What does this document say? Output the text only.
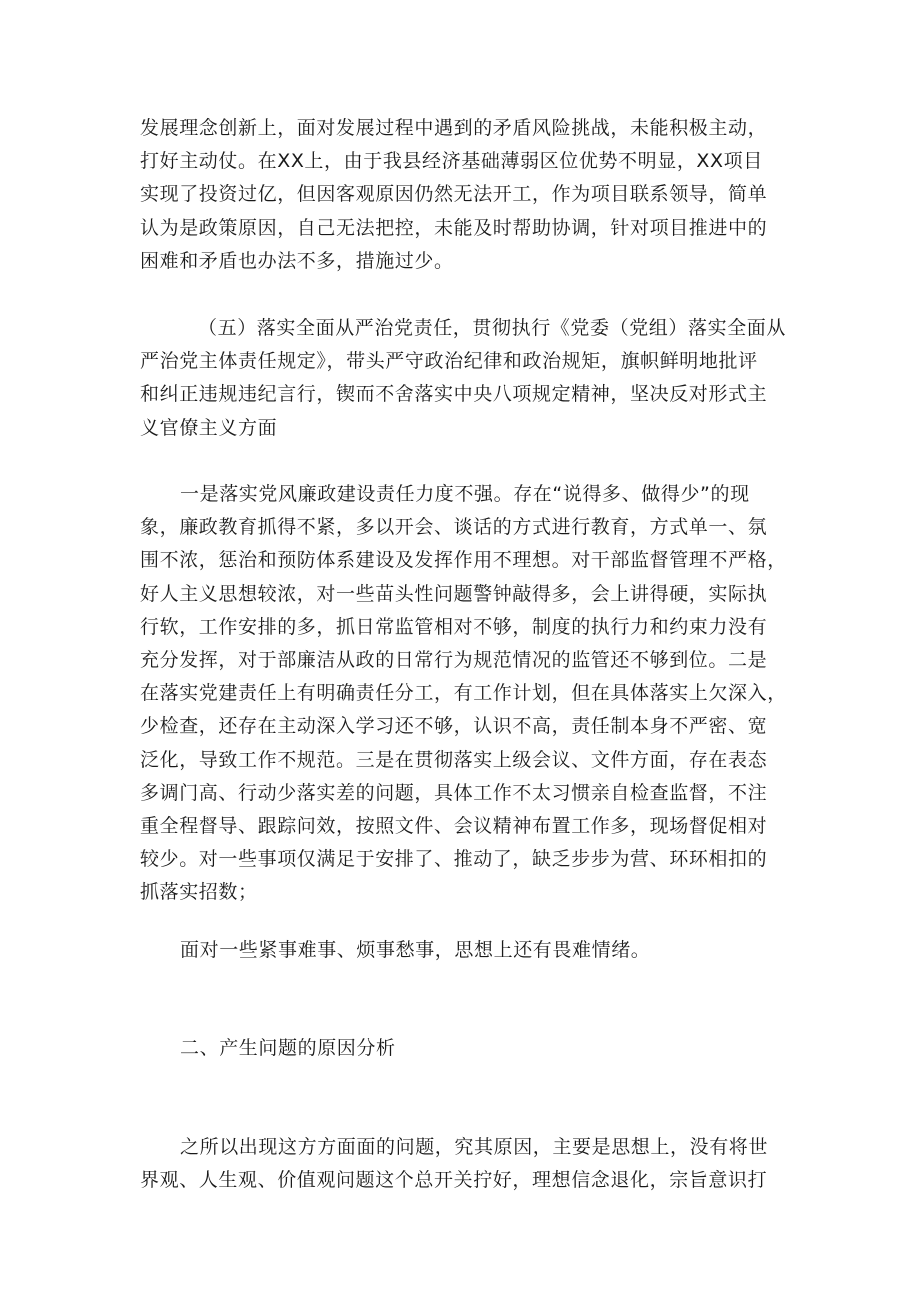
发展理念创新上，面对发展过程中遇到的矛盾风险挑战，未能积极主动，
打好主动仗。在XX上，由于我县经济基础薄弱区位优势不明显，XX项目
实现了投资过亿，但因客观原因仍然无法开工，作为项目联系领导，简单
认为是政策原因，自己无法把控，未能及时帮助协调，针对项目推进中的
困难和矛盾也办法不多，措施过少。
（五）落实全面从严治党责任，贯彻执行《党委（党组）落实全面从
严治党主体责任规定》，带头严守政治纪律和政治规矩，旗帜鲜明地批评
和纠正违规违纪言行，锲而不舍落实中央八项规定精神，坚决反对形式主
义官僚主义方面
一是落实党风廉政建设责任力度不强。存在“说得多、做得少”的现
象，廉政教育抓得不紧，多以开会、谈话的方式进行教育，方式单一、氛
围不浓，惩治和预防体系建设及发挥作用不理想。对干部监督管理不严格，
好人主义思想较浓，对一些苗头性问题警钟敲得多，会上讲得硬，实际执
行软，工作安排的多，抓日常监管相对不够，制度的执行力和约束力没有
充分发挥，对于部廉洁从政的日常行为规范情况的监管还不够到位。二是
在落实党建责任上有明确责任分工，有工作计划，但在具体落实上欠深入，
少检查，还存在主动深入学习还不够，认识不高，责任制本身不严密、宽
泛化，导致工作不规范。三是在贯彻落实上级会议、文件方面，存在表态
多调门高、行动少落实差的问题，具体工作不太习惯亲自检查监督，不注
重全程督导、跟踪问效，按照文件、会议精神布置工作多，现场督促相对
较少。对一些事项仅满足于安排了、推动了，缺乏步步为营、环环相扣的
抓落实招数；
面对一些紧事难事、烦事愁事，思想上还有畏难情绪。
二、产生问题的原因分析
之所以出现这方方面面的问题，究其原因，主要是思想上，没有将世
界观、人生观、价值观问题这个总开关拧好，理想信念退化，宗旨意识打
